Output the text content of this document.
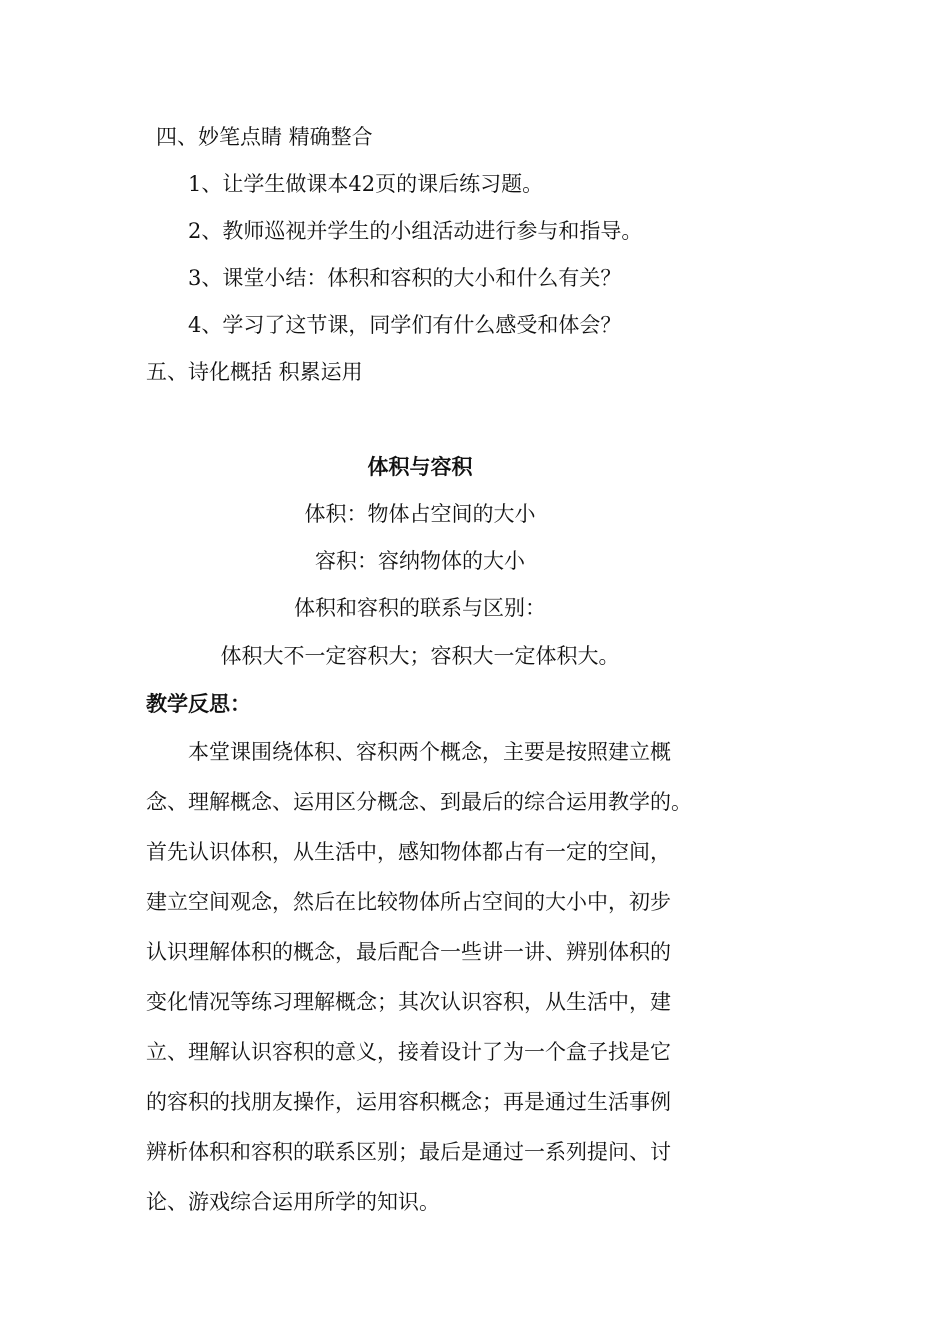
四、妙笔点睛 精确整合
1、让学生做课本42页的课后练习题。
2、教师巡视并学生的小组活动进行参与和指导。
3、课堂小结：体积和容积的大小和什么有关？
4、学习了这节课，同学们有什么感受和体会？
五、诗化概括 积累运用
体积与容积
体积：物体占空间的大小
容积：容纳物体的大小
体积和容积的联系与区别：
体积大不一定容积大；容积大一定体积大。
教学反思：
本堂课围绕体积、容积两个概念，主要是按照建立概
念、理解概念、运用区分概念、到最后的综合运用教学的。
首先认识体积，从生活中，感知物体都占有一定的空间，
建立空间观念，然后在比较物体所占空间的大小中，初步
认识理解体积的概念，最后配合一些讲一讲、辨别体积的
变化情况等练习理解概念；其次认识容积，从生活中，建
立、理解认识容积的意义，接着设计了为一个盒子找是它
的容积的找朋友操作，运用容积概念；再是通过生活事例
辨析体积和容积的联系区别；最后是通过一系列提问、讨
论、游戏综合运用所学的知识。
